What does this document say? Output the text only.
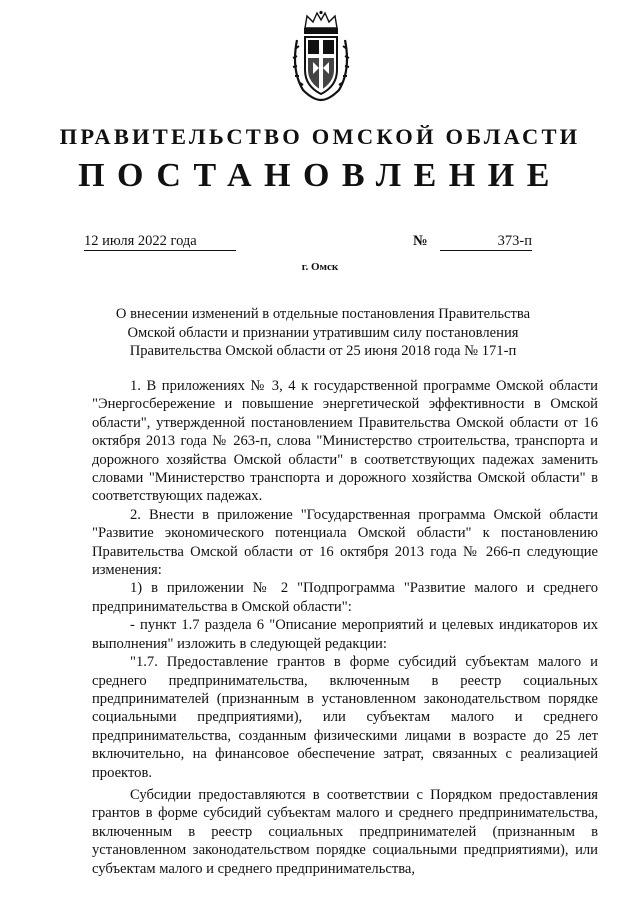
ПРАВИТЕЛЬСТВО ОМСКОЙ ОБЛАСТИ
ПОСТАНОВЛЕНИЕ
12 июля 2022 года	№	373-п
г. Омск
О внесении изменений в отдельные постановления Правительства Омской области и признании утратившим силу постановления Правительства Омской области от 25 июня 2018 года № 171-п

1. В приложениях № 3, 4 к государственной программе Омской области "Энергосбережение и повышение энергетической эффективности в Омской области", утвержденной постановлением Правительства Омской области от 16 октября 2013 года № 263-п, слова "Министерство строительства, транспорта и дорожного хозяйства Омской области" в соответствующих падежах заменить словами "Министерство транспорта и дорожного хозяйства Омской области" в соответствующих падежах.

2. Внести в приложение "Государственная программа Омской области "Развитие экономического потенциала Омской области" к постановлению Правительства Омской области от 16 октября 2013 года № 266-п следующие изменения:

1) в приложении № 2 "Подпрограмма "Развитие малого и среднего предпринимательства в Омской области":

- пункт 1.7 раздела 6 "Описание мероприятий и целевых индикаторов их выполнения" изложить в следующей редакции:

"1.7. Предоставление грантов в форме субсидий субъектам малого и среднего предпринимательства, включенным в реестр социальных предпринимателей (признанным в установленном законодательством порядке социальными предприятиями), или субъектам малого и среднего предпринимательства, созданным физическими лицами в возрасте до 25 лет включительно, на финансовое обеспечение затрат, связанных с реализацией проектов.

Субсидии предоставляются в соответствии с Порядком предоставления грантов в форме субсидий субъектам малого и среднего предпринимательства, включенным в реестр социальных предпринимателей (признанным в установленном законодательством порядке социальными предприятиями), или субъектам малого и среднего предпринимательства,
